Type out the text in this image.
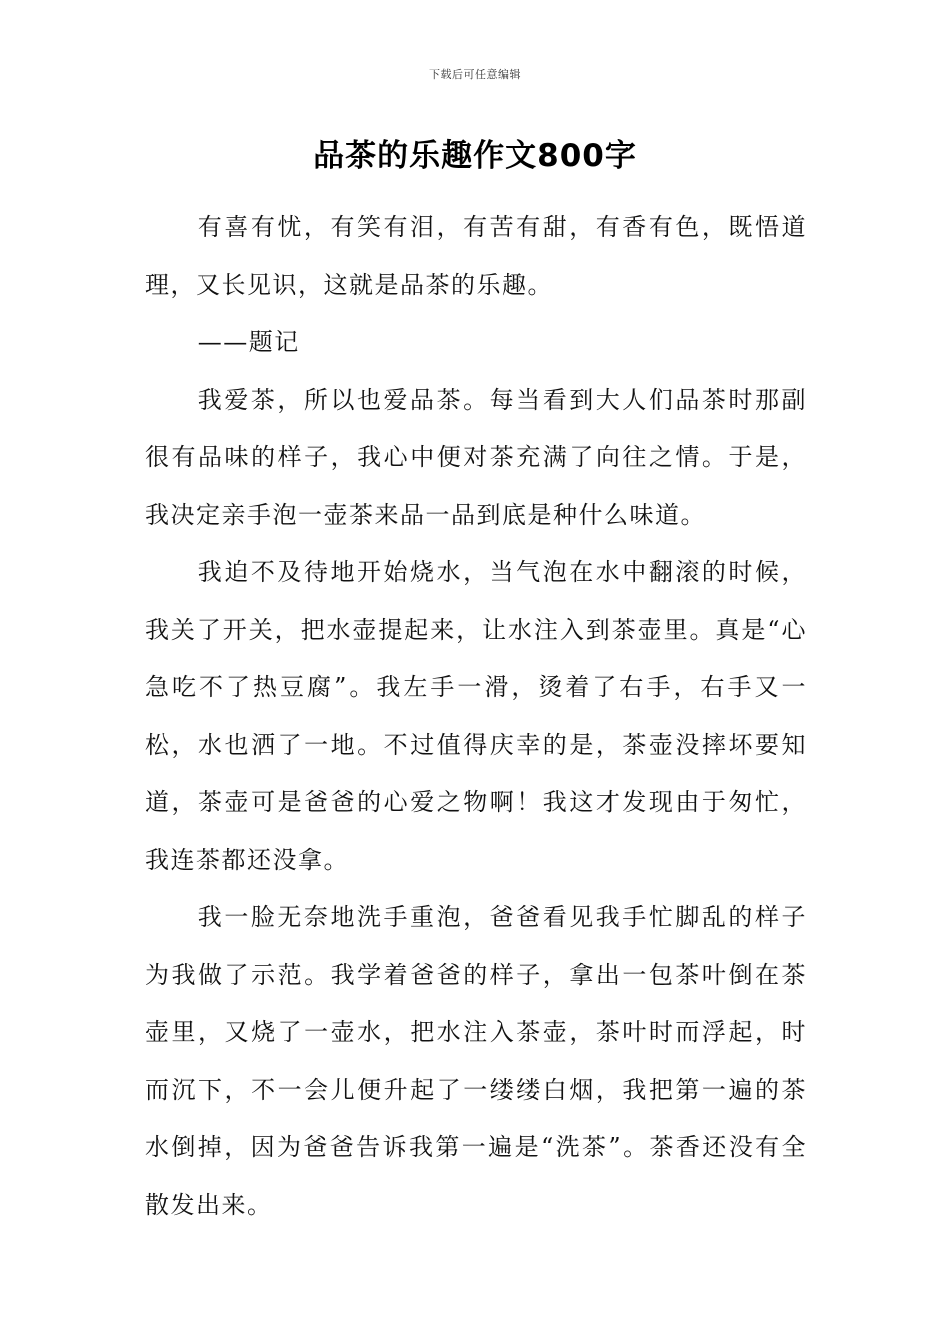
下载后可任意编辑
品茶的乐趣作文800字

有喜有忧，有笑有泪，有苦有甜，有香有色，既悟道理，又长见识，这就是品茶的乐趣。

——题记

我爱茶，所以也爱品茶。每当看到大人们品茶时那副很有品味的样子，我心中便对茶充满了向往之情。于是，我决定亲手泡一壶茶来品一品到底是种什么味道。

我迫不及待地开始烧水，当气泡在水中翻滚的时候，我关了开关，把水壶提起来，让水注入到茶壶里。真是“心急吃不了热豆腐”。我左手一滑，烫着了右手，右手又一松，水也洒了一地。不过值得庆幸的是，茶壶没摔坏要知道，茶壶可是爸爸的心爱之物啊！我这才发现由于匆忙，我连茶都还没拿。

我一脸无奈地洗手重泡，爸爸看见我手忙脚乱的样子为我做了示范。我学着爸爸的样子，拿出一包茶叶倒在茶壶里，又烧了一壶水，把水注入茶壶，茶叶时而浮起，时而沉下，不一会儿便升起了一缕缕白烟，我把第一遍的茶水倒掉，因为爸爸告诉我第一遍是“洗茶”。茶香还没有全散发出来。
